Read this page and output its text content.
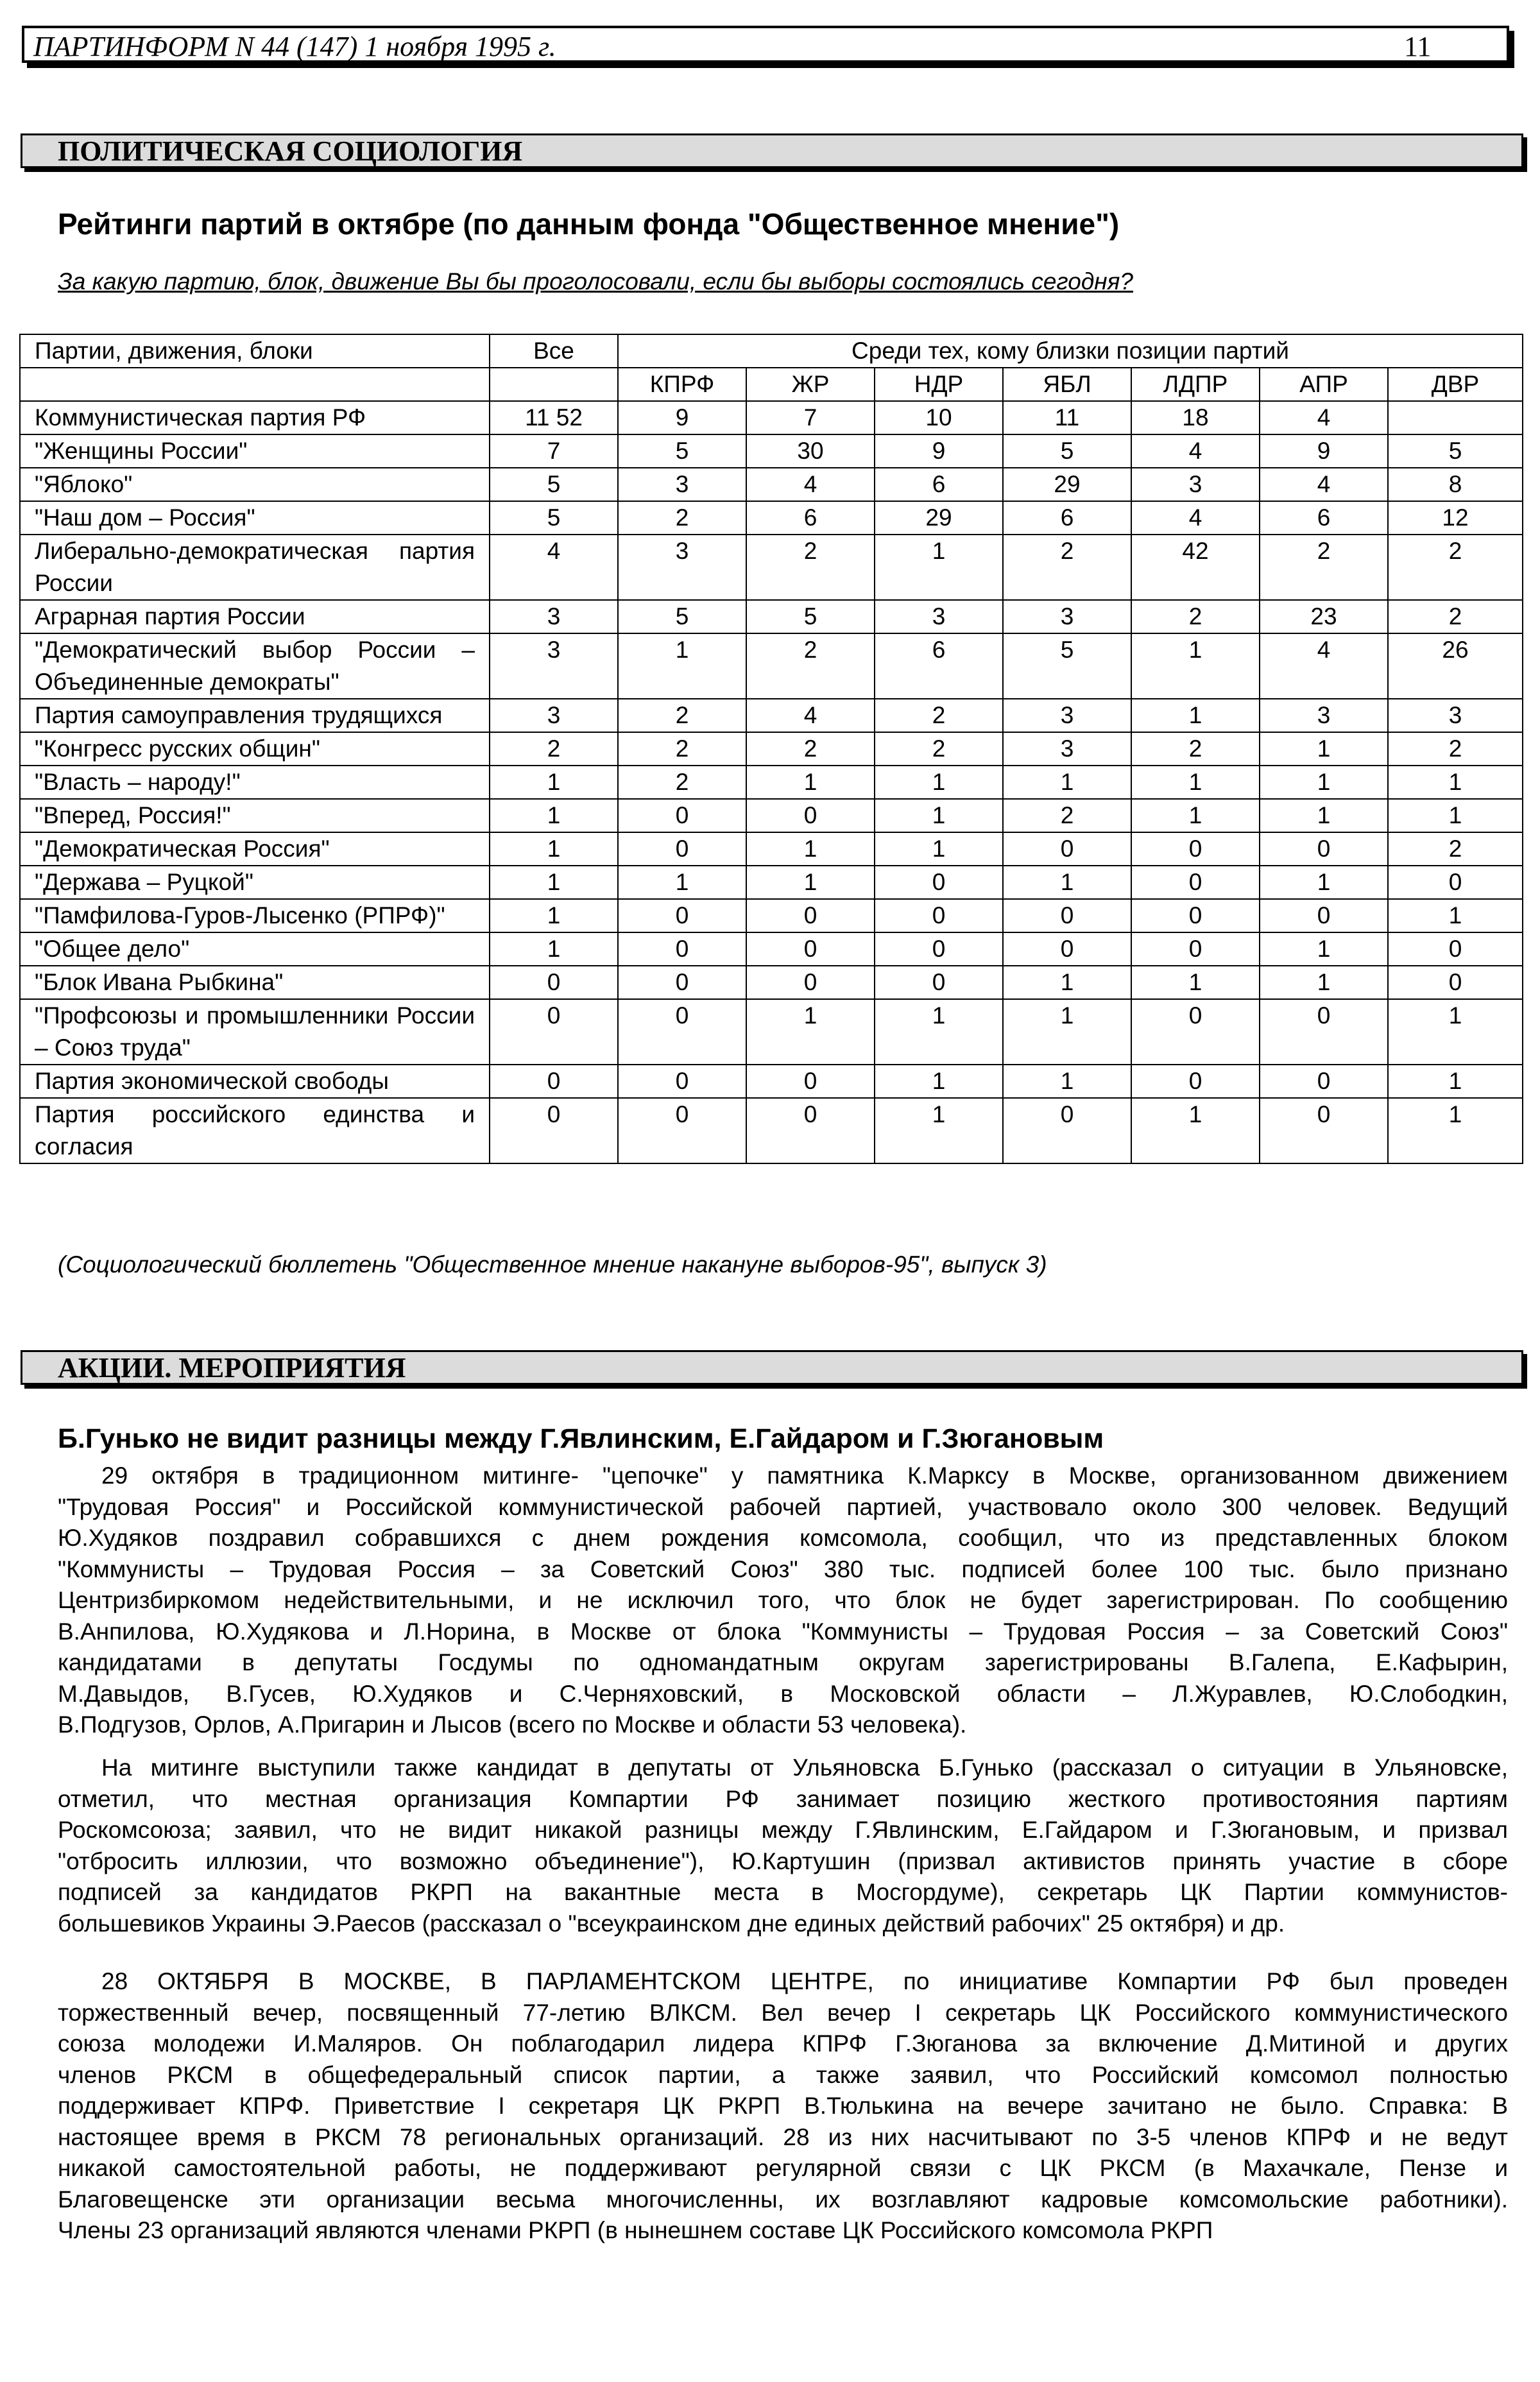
ПАРТИНФОРМ N 44 (147) 1 ноября 1995 г.	11
ПОЛИТИЧЕСКАЯ СОЦИОЛОГИЯ
Рейтинги партий в октябре (по данным фонда "Общественное мнение")
За какую партию, блок, движение Вы бы проголосовали, если бы выборы состоялись сегодня?
Партии, движения, блоки	Все	Среди тех, кому близки позиции партий						
		КПРФ	ЖР	НДР	ЯБЛ	ЛДПР	АПР	ДВР
Коммунистическая партия РФ	11 52	9	7	10	11	18	4	
"Женщины России"	7	5	30	9	5	4	9	5
"Яблоко"	5	3	4	6	29	3	4	8
"Наш дом – Россия"	5	2	6	29	6	4	6	12
Либерально-демократическая партия России	4	3	2	1	2	42	2	2
Аграрная партия России	3	5	5	3	3	2	23	2
"Демократический выбор России – Объединенные демократы"	3	1	2	6	5	1	4	26
Партия самоуправления трудящихся	3	2	4	2	3	1	3	3
"Конгресс русских общин"	2	2	2	2	3	2	1	2
"Власть – народу!"	1	2	1	1	1	1	1	1
"Вперед, Россия!"	1	0	0	1	2	1	1	1
"Демократическая Россия"	1	0	1	1	0	0	0	2
"Держава – Руцкой"	1	1	1	0	1	0	1	0
"Памфилова-Гуров-Лысенко (РПРФ)"	1	0	0	0	0	0	0	1
"Общее дело"	1	0	0	0	0	0	1	0
"Блок Ивана Рыбкина"	0	0	0	0	1	1	1	0
"Профсоюзы и промышленники России – Союз труда"	0	0	1	1	1	0	0	1
Партия экономической свободы	0	0	0	1	1	0	0	1
Партия российского единства и согласия	0	0	0	1	0	1	0	1
(Социологический бюллетень "Общественное мнение накануне выборов-95", выпуск 3)
АКЦИИ. МЕРОПРИЯТИЯ
Б.Гунько не видит разницы между Г.Явлинским, Е.Гайдаром и Г.Зюгановым
29 октября в традиционном митинге- "цепочке" у памятника К.Марксу в Москве, организованном движением
"Трудовая Россия" и Российской коммунистической рабочей партией, участвовало около 300 человек. Ведущий
Ю.Худяков поздравил собравшихся с днем рождения комсомола, сообщил, что из представленных блоком
"Коммунисты – Трудовая Россия – за Советский Союз" 380 тыс. подписей более 100 тыс. было признано
Центризбиркомом недействительными, и не исключил того, что блок не будет зарегистрирован. По сообщению
В.Анпилова, Ю.Худякова и Л.Норина, в Москве от блока "Коммунисты – Трудовая Россия – за Советский Союз"
кандидатами в депутаты Госдумы по одномандатным округам зарегистрированы В.Галепа, Е.Кафырин,
М.Давыдов, В.Гусев, Ю.Худяков и С.Черняховский, в Московской области – Л.Журавлев, Ю.Слободкин,
В.Подгузов, Орлов, А.Пригарин и Лысов (всего по Москве и области 53 человека).
На митинге выступили также кандидат в депутаты от Ульяновска Б.Гунько (рассказал о ситуации в Ульяновске,
отметил, что местная организация Компартии РФ занимает позицию жесткого противостояния партиям
Роскомсоюза; заявил, что не видит никакой разницы между Г.Явлинским, Е.Гайдаром и Г.Зюгановым, и призвал
"отбросить иллюзии, что возможно объединение"), Ю.Картушин (призвал активистов принять участие в сборе
подписей за кандидатов РКРП на вакантные места в Мосгордуме), секретарь ЦК Партии коммунистов-
большевиков Украины Э.Раесов (рассказал о "всеукраинском дне единых действий рабочих" 25 октября) и др.
28 ОКТЯБРЯ В МОСКВЕ, В ПАРЛАМЕНТСКОМ ЦЕНТРЕ, по инициативе Компартии РФ был проведен
торжественный вечер, посвященный 77-летию ВЛКСМ. Вел вечер I секретарь ЦК Российского коммунистического
союза молодежи И.Маляров. Он поблагодарил лидера КПРФ Г.Зюганова за включение Д.Митиной и других
членов РКСМ в общефедеральный список партии, а также заявил, что Российский комсомол полностью
поддерживает КПРФ. Приветствие I секретаря ЦК РКРП В.Тюлькина на вечере зачитано не было. Справка: В
настоящее время в РКСМ 78 региональных организаций. 28 из них насчитывают по 3-5 членов КПРФ и не ведут
никакой самостоятельной работы, не поддерживают регулярной связи с ЦК РКСМ (в Махачкале, Пензе и
Благовещенске эти организации весьма многочисленны, их возглавляют кадровые комсомольские работники).
Члены 23 организаций являются членами РКРП (в нынешнем составе ЦК Российского комсомола РКРП
